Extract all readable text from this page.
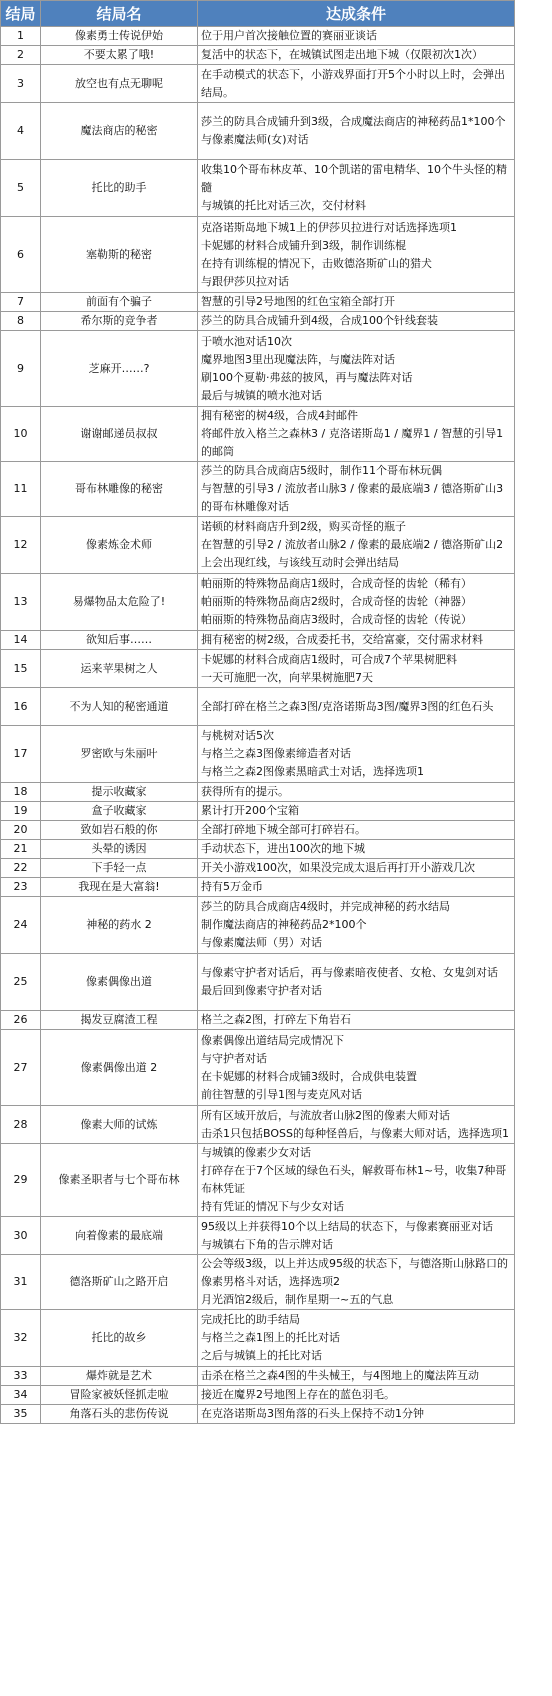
结局	结局名	达成条件
1	像素勇士传说伊始	位于用户首次接触位置的赛丽亚谈话

2	不要太累了哦!	复活中的状态下，在城镇试图走出地下城（仅限初次1次）

3	放空也有点无聊呢	在手动模式的状态下，小游戏界面打开5个小时以上时，会弹出结局。

4	魔法商店的秘密	莎兰的防具合成铺升到3级，合成魔法商店的神秘药品1*100个
与像素魔法师(女)对话

5	托比的助手	收集10个哥布林皮革、10个凯诺的雷电精华、10个牛头怪的精髓
与城镇的托比对话三次，交付材料

6	塞勒斯的秘密	克洛诺斯岛地下城1上的伊莎贝拉进行对话选择选项1
卡妮娜的材料合成铺升到3级，制作训练棍
在持有训练棍的情况下，击败德洛斯矿山的猎犬
与跟伊莎贝拉对话

7	前面有个骗子	智慧的引导2号地图的红色宝箱全部打开

8	希尔斯的竞争者	莎兰的防具合成铺升到4级，合成100个针线套装

9	芝麻开……?	于喷水池对话10次
魔界地图3里出现魔法阵，与魔法阵对话
刷100个夏勒·弗兹的披风，再与魔法阵对话
最后与城镇的喷水池对话

10	谢谢邮递员叔叔	拥有秘密的树4级，合成4封邮件
将邮件放入格兰之森林3 / 克洛诺斯岛1 / 魔界1 / 智慧的引导1的邮筒

11	哥布林雕像的秘密	莎兰的防具合成商店5级时，制作11个哥布林玩偶
与智慧的引导3 / 流放者山脉3 / 像素的最底端3 / 德洛斯矿山3的哥布林雕像对话

12	像素炼金术师	诺顿的材料商店升到2级，购买奇怪的瓶子
在智慧的引导2 / 流放者山脉2 / 像素的最底端2 / 德洛斯矿山2上会出现红线，与该线互动时会弹出结局

13	易爆物品太危险了!	帕丽斯的特殊物品商店1级时，合成奇怪的齿轮（稀有）
帕丽斯的特殊物品商店2级时，合成奇怪的齿轮（神器）
帕丽斯的特殊物品商店3级时，合成奇怪的齿轮（传说）

14	欲知后事……	拥有秘密的树2级，合成委托书，交给富豪，交付需求材料

15	运来苹果树之人	卡妮娜的材料合成商店1级时，可合成7个苹果树肥料
一天可施肥一次，向苹果树施肥7天

16	不为人知的秘密通道	全部打碎在格兰之森3图/克洛诺斯岛3图/魔界3图的红色石头

17	罗密欧与朱丽叶	与桃树对话5次
与格兰之森3图像素缔造者对话
与格兰之森2图像素黑暗武士对话，选择选项1

18	提示收藏家	获得所有的提示。

19	盒子收藏家	累计打开200个宝箱

20	致如岩石般的你	全部打碎地下城全部可打碎岩石。

21	头晕的诱因	手动状态下，进出100次的地下城

22	下手轻一点	开关小游戏100次，如果没完成太退后再打开小游戏几次

23	我现在是大富翁!	持有5万金币

24	神秘的药水 2	莎兰的防具合成商店4级时，并完成神秘的药水结局
制作魔法商店的神秘药品2*100个
与像素魔法师（男）对话

25	像素偶像出道	与像素守护者对话后，再与像素暗夜使者、女枪、女鬼剑对话
最后回到像素守护者对话

26	揭发豆腐渣工程	格兰之森2图，打碎左下角岩石

27	像素偶像出道 2	像素偶像出道结局完成情况下
与守护者对话
在卡妮娜的材料合成铺3级时，合成供电装置
前往智慧的引导1图与麦克风对话

28	像素大师的试炼	所有区域开放后，与流放者山脉2图的像素大师对话
击杀1只包括BOSS的每种怪兽后，与像素大师对话，选择选项1

29	像素圣职者与七个哥布林	与城镇的像素少女对话
打碎存在于7个区域的绿色石头，解救哥布林1~号，收集7种哥布林凭证
持有凭证的情况下与少女对话

30	向着像素的最底端	95级以上并获得10个以上结局的状态下，与像素赛丽亚对话
与城镇右下角的告示牌对话

31	德洛斯矿山之路开启	公会等级3级，以上并达成95级的状态下，与德洛斯山脉路口的像素男格斗对话，选择选项2
月光酒馆2级后，制作星期一~五的气息

32	托比的故乡	完成托比的助手结局
与格兰之森1图上的托比对话
之后与城镇上的托比对话

33	爆炸就是艺术	击杀在格兰之森4图的牛头械王，与4图地上的魔法阵互动

34	冒险家被妖怪抓走啦	接近在魔界2号地图上存在的蓝色羽毛。

35	角落石头的悲伤传说	在克洛诺斯岛3图角落的石头上保持不动1分钟
